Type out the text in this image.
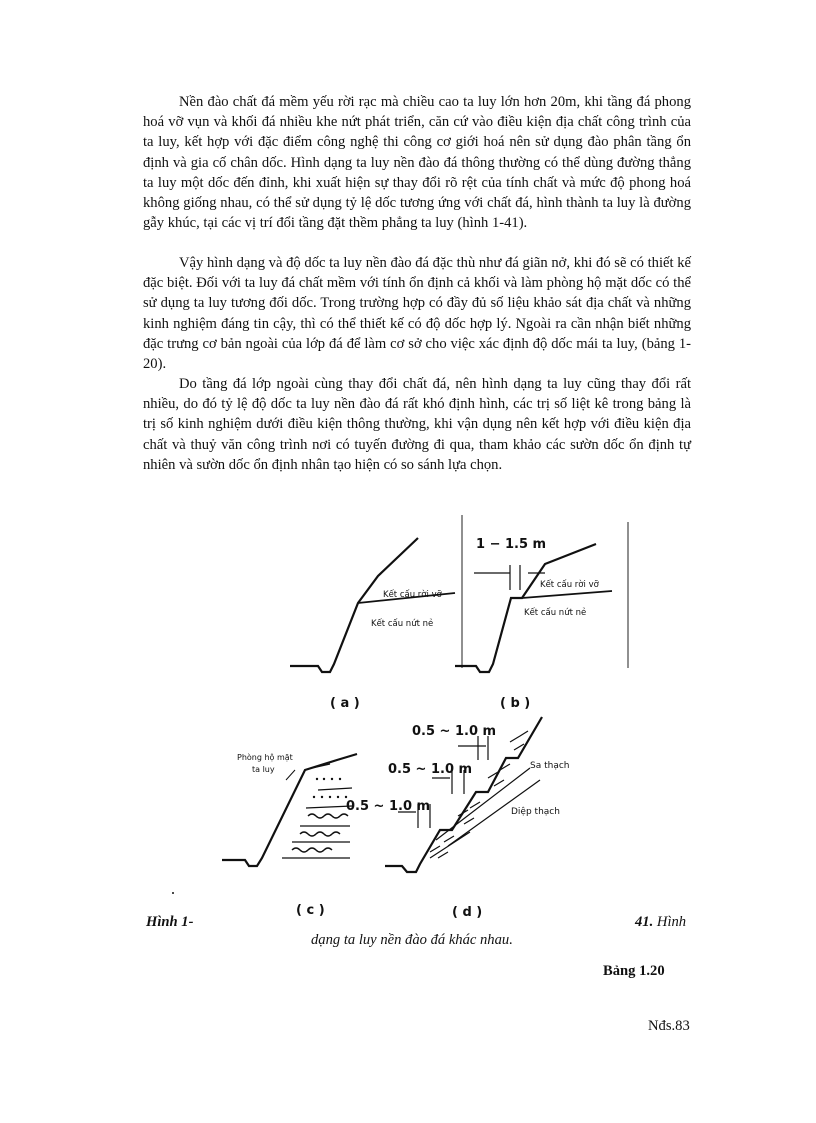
Nền đào chất đá mềm yếu rời rạc mà chiều cao ta luy lớn hơn 20m, khi tầng đá phong hoá vỡ vụn và khối đá nhiều khe nứt phát triển, căn cứ vào điều kiện địa chất công trình của ta luy, kết hợp với đặc điểm công nghệ thi công cơ giới hoá nên sử dụng đào phân tầng ổn định và gia cố chân dốc. Hình dạng ta luy nền đào đá thông thường có thể dùng đường thẳng ta luy một dốc đến đỉnh, khi xuất hiện sự thay đổi rõ rệt của tính chất và mức độ phong hoá không giống nhau, có thể sử dụng tỷ lệ dốc tương ứng với chất đá, hình thành ta luy là đường gẫy khúc, tại các vị trí đổi tầng đặt thềm phẳng ta luy (hình 1-41).

Vậy hình dạng và độ dốc ta luy nền đào đá đặc thù như đá giãn nở, khi đó sẽ có thiết kế đặc biệt. Đối với ta luy đá chất mềm với tính ổn định cả khối và làm phòng hộ mặt dốc có thể sử dụng ta luy tương đối dốc. Trong trường hợp có đầy đủ số liệu khảo sát địa chất và những kinh nghiệm đáng tin cậy, thì có thể thiết kế có độ dốc hợp lý. Ngoài ra cần nhận biết những đặc trưng cơ bản ngoài của lớp đá để làm cơ sở cho việc xác định độ dốc mái ta luy, (bảng 1-20).

Do tầng đá lớp ngoài cùng thay đổi chất đá, nên hình dạng ta luy cũng thay đổi rất nhiều, do đó tỷ lệ độ dốc ta luy nền đào đá rất khó định hình, các trị số liệt kê trong bảng là trị số kinh nghiệm dưới điều kiện thông thường, khi vận dụng nên kết hợp với điều kiện địa chất và thuỷ văn công trình nơi có tuyến đường đi qua, tham khảo các sườn dốc ổn định tự nhiên và sườn dốc ổn định nhân tạo hiện có so sánh lựa chọn.

Kết cấu rời vỡ
Kết cấu nứt nẻ
( a )
1 − 1.5 m
Kết cấu rời vỡ
Kết cấu nứt nẻ
( b )
Phòng hộ mặt
ta luy
( c )
0.5 ~ 1.0 m
0.5 ~ 1.0 m
0.5 ~ 1.0 m
Sa thạch
Diệp thạch
( d )
Hình 1-	41. Hình
dạng ta luy nền đào đá khác nhau.
Bảng 1.20
Nđs.83
